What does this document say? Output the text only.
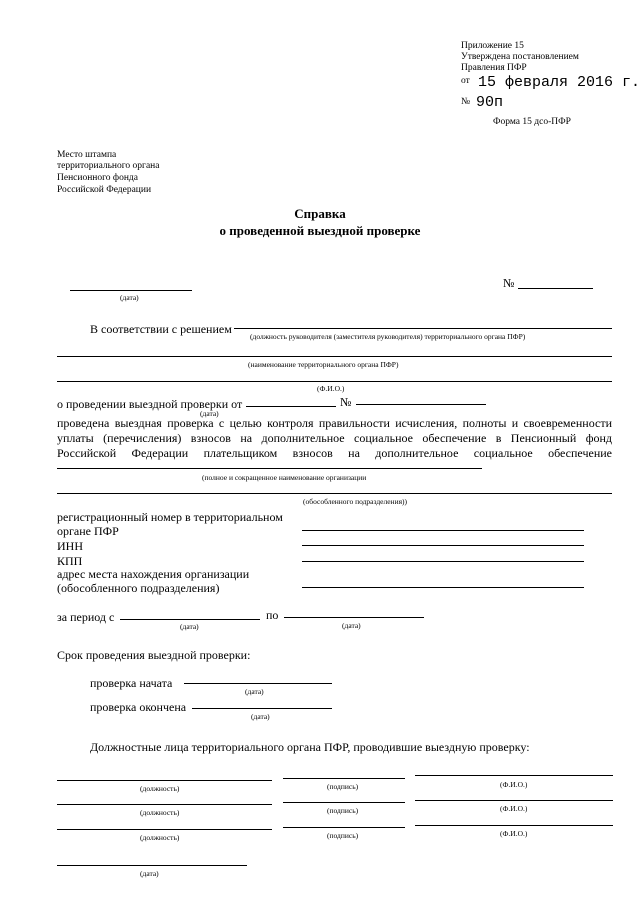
Приложение 15
Утверждена постановлением
Правления ПФР
от 15 февраля 2016 г.
№ 90п
Форма 15 дсо-ПФР
Место штампа
территориального органа
Пенсионного фонда
Российской Федерации
Справка
о проведенной выездной проверке
(дата)
№
В соответствии с решением
(должность руководителя (заместителя руководителя) территориального органа ПФР)
(наименование территориального органа ПФР)
(Ф.И.О.)
о проведении выездной проверки от
(дата)
№
проведена выездная проверка с целью контроля правильности исчисления, полноты и своевременности
уплаты (перечисления) взносов на дополнительное социальное обеспечение в Пенсионный фонд
Российской Федерации плательщиком взносов на дополнительное социальное обеспечение
(полное и сокращенное наименование организации
(обособленного подразделения))
регистрационный номер в территориальном
органе ПФР
ИНН
КПП
адрес места нахождения организации
(обособленного подразделения)
за период с
(дата)
по
(дата)
Срок проведения выездной проверки:
проверка начата
(дата)
проверка окончена
(дата)
Должностные лица территориального органа ПФР, проводившие выездную проверку:
(должность)	(подпись)	(Ф.И.О.)
(должность)	(подпись)	(Ф.И.О.)
(должность)	(подпись)	(Ф.И.О.)
(дата)
